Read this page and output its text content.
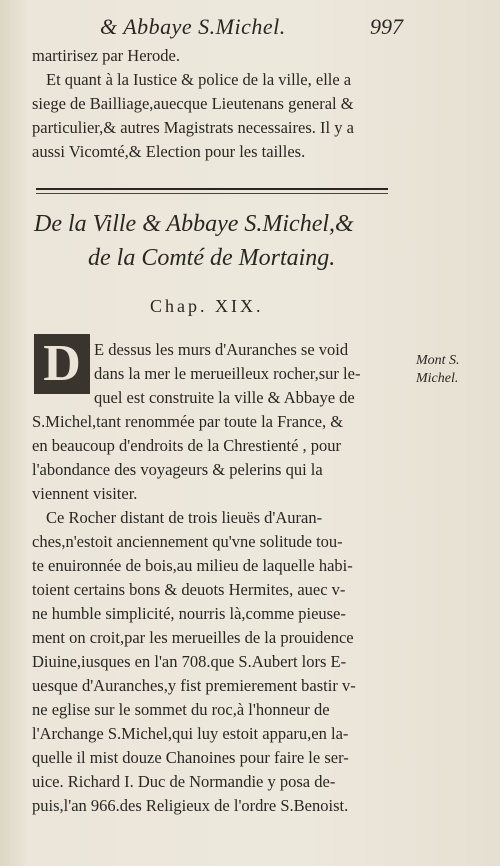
& Abbaye S.Michel.	997
martirisez par Herode.
Et quant à la Iustice & police de la ville, elle a
siege de Bailliage,auecque Lieutenans general &
particulier,& autres Magistrats necessaires. Il y a
aussi Vicomté,& Election pour les tailles.
De la Ville & Abbaye S.Michel,&
de la Comté de Mortaing.
Chap. XIX.
D	Mont S.
Michel.
E dessus les murs d'Auranches se void
dans la mer le merueilleux rocher,sur le-
quel est construite la ville & Abbaye de
S.Michel,tant renommée par toute la France, &
en beaucoup d'endroits de la Chrestienté , pour
l'abondance des voyageurs & pelerins qui la
viennent visiter.
Ce Rocher distant de trois lieuës d'Auran-
ches,n'estoit anciennement qu'vne solitude tou-
te enuironnée de bois,au milieu de laquelle habi-
toient certains bons & deuots Hermites, auec v-
ne humble simplicité, nourris là,comme pieuse-
ment on croit,par les merueilles de la prouidence
Diuine,iusques en l'an 708.que S.Aubert lors E-
uesque d'Auranches,y fist premierement bastir v-
ne eglise sur le sommet du roc,à l'honneur de
l'Archange S.Michel,qui luy estoit apparu,en la-
quelle il mist douze Chanoines pour faire le ser-
uice. Richard I. Duc de Normandie y posa de-
puis,l'an 966.des Religieux de l'ordre S.Benoist.
